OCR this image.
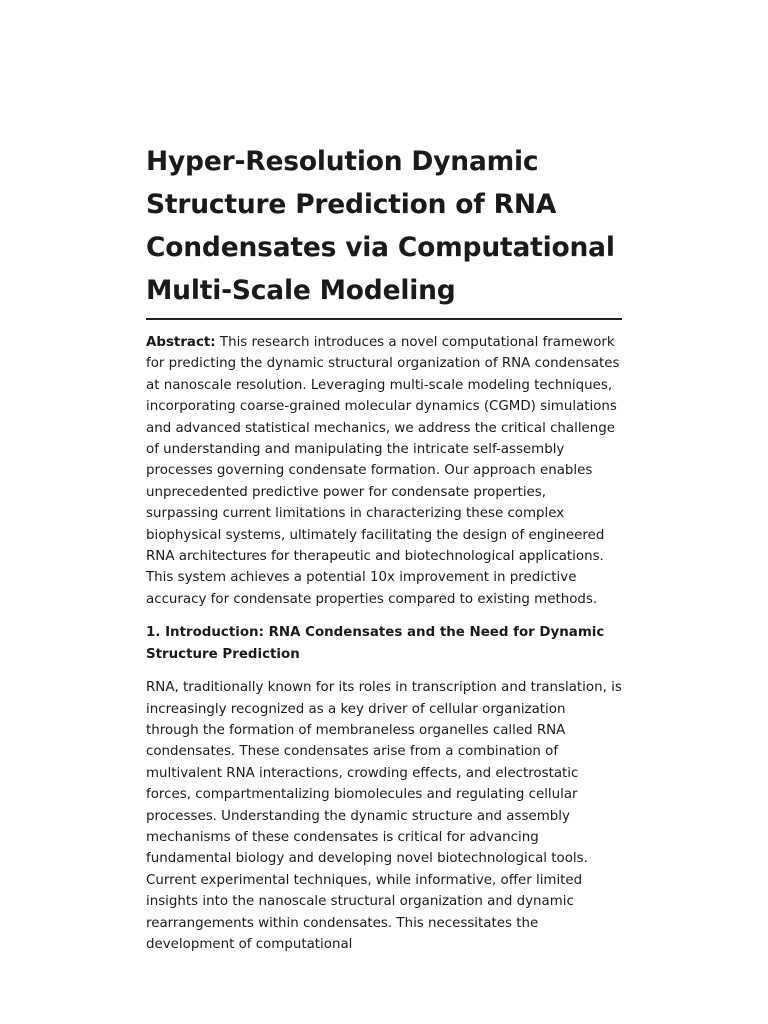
Hyper-Resolution Dynamic Structure Prediction of RNA Condensates via Computational Multi-Scale Modeling

Abstract: This research introduces a novel computational framework for predicting the dynamic structural organization of RNA condensates at nanoscale resolution. Leveraging multi-scale modeling techniques, incorporating coarse-grained molecular dynamics (CGMD) simulations and advanced statistical mechanics, we address the critical challenge of understanding and manipulating the intricate self-assembly processes governing condensate formation. Our approach enables unprecedented predictive power for condensate properties, surpassing current limitations in characterizing these complex biophysical systems, ultimately facilitating the design of engineered RNA architectures for therapeutic and biotechnological applications. This system achieves a potential 10x improvement in predictive accuracy for condensate properties compared to existing methods.

1. Introduction: RNA Condensates and the Need for Dynamic Structure Prediction

RNA, traditionally known for its roles in transcription and translation, is increasingly recognized as a key driver of cellular organization through the formation of membraneless organelles called RNA condensates. These condensates arise from a combination of multivalent RNA interactions, crowding effects, and electrostatic forces, compartmentalizing biomolecules and regulating cellular processes. Understanding the dynamic structure and assembly mechanisms of these condensates is critical for advancing fundamental biology and developing novel biotechnological tools. Current experimental techniques, while informative, offer limited insights into the nanoscale structural organization and dynamic rearrangements within condensates. This necessitates the development of computational
